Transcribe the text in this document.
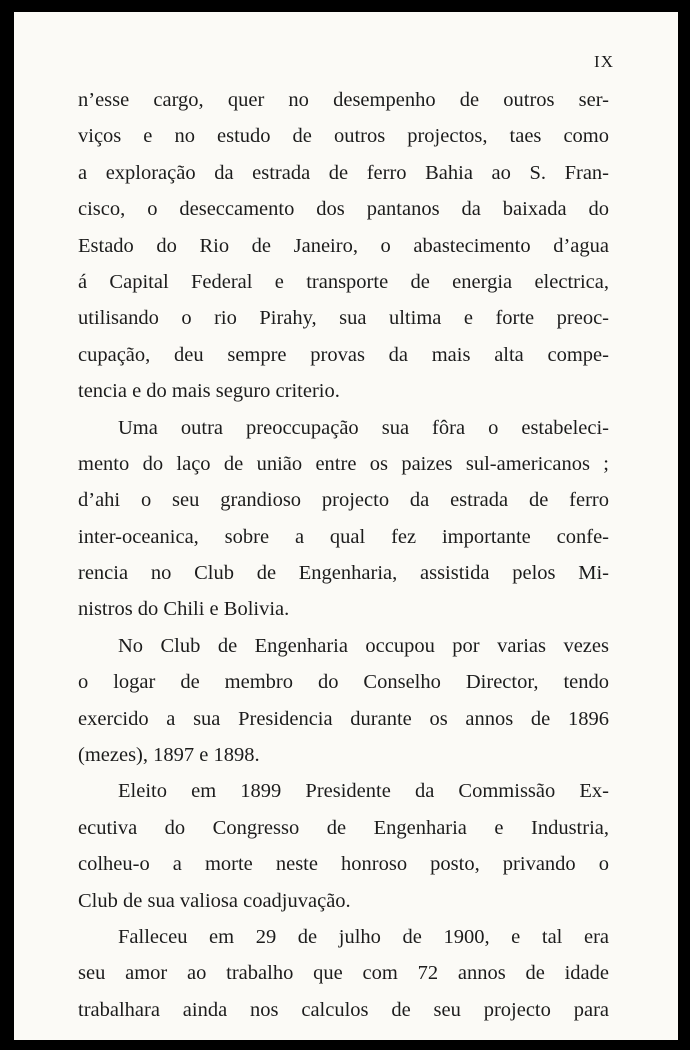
IX
n’esse cargo, quer no desempenho de outros ser-
viços e no estudo de outros projectos, taes como
a exploração da estrada de ferro Bahia ao S. Fran-
cisco, o deseccamento dos pantanos da baixada do
Estado do Rio de Janeiro, o abastecimento d’agua
á Capital Federal e transporte de energia electrica,
utilisando o rio Pirahy, sua ultima e forte preoc-
cupação, deu sempre provas da mais alta compe-
tencia e do mais seguro criterio.
Uma outra preoccupação sua fôra o estabeleci-
mento do laço de união entre os paizes sul-americanos ;
d’ahi o seu grandioso projecto da estrada de ferro
inter-oceanica, sobre a qual fez importante confe-
rencia no Club de Engenharia, assistida pelos Mi-
nistros do Chili e Bolivia.
No Club de Engenharia occupou por varias vezes
o logar de membro do Conselho Director, tendo
exercido a sua Presidencia durante os annos de 1896
(mezes), 1897 e 1898.
Eleito em 1899 Presidente da Commissão Ex-
ecutiva do Congresso de Engenharia e Industria,
colheu-o a morte neste honroso posto, privando o
Club de sua valiosa coadjuvação.
Falleceu em 29 de julho de 1900, e tal era
seu amor ao trabalho que com 72 annos de idade
trabalhara ainda nos calculos de seu projecto para
